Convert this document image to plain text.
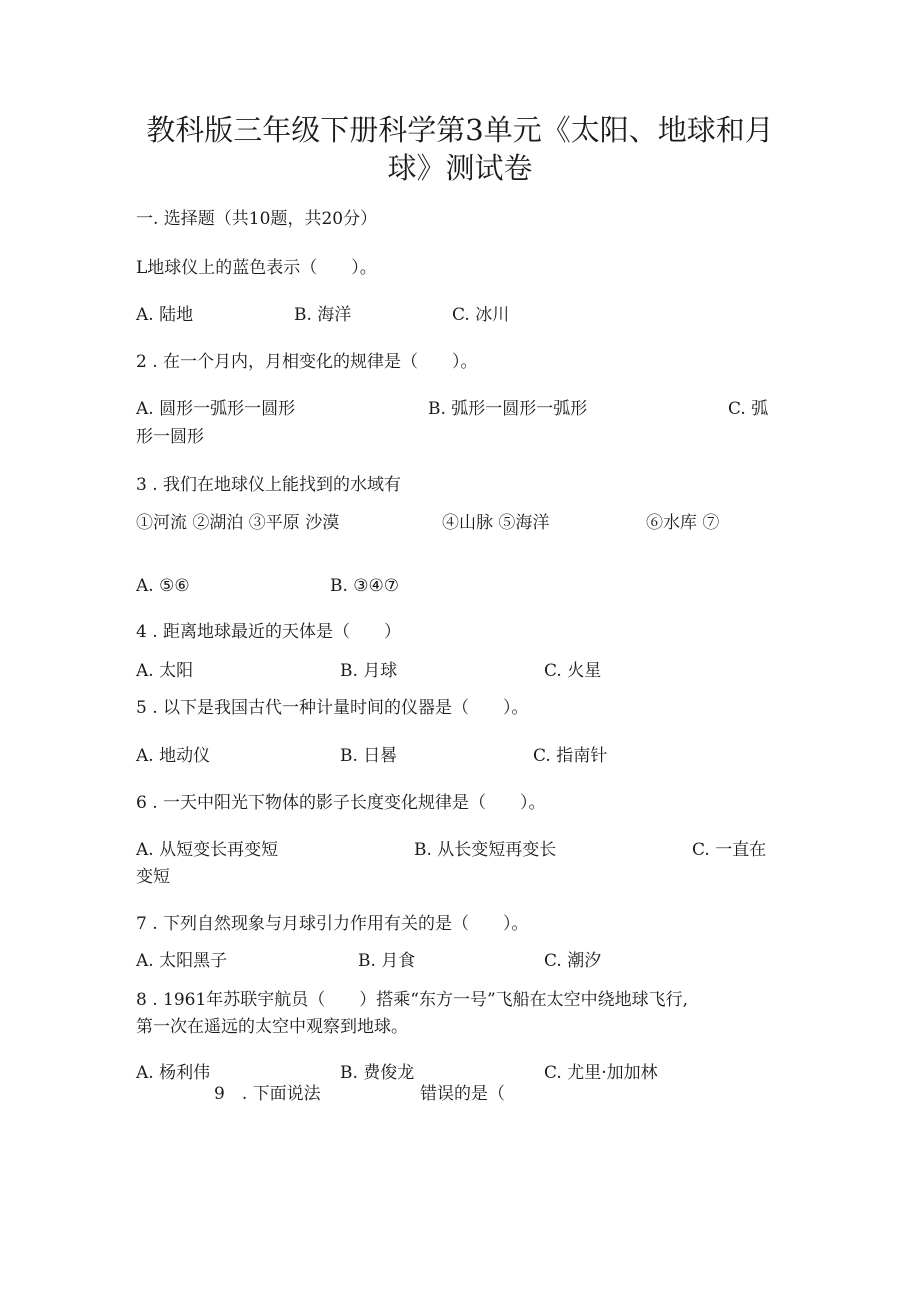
教科版三年级下册科学第3单元《太阳、地球和月
球》测试卷
一. 选择题（共10题，共20分）
L地球仪上的蓝色表示（　　）。
A. 陆地	B. 海洋	C. 冰川
2 . 在一个月内，月相变化的规律是（　　）。
A. 圆形一弧形一圆形	B. 弧形一圆形一弧形	C. 弧
形一圆形
3 . 我们在地球仪上能找到的水域有
①河流 ②湖泊 ③平原 沙漠	④山脉 ⑤海洋	⑥水库 ⑦
A. ⑤⑥	B. ③④⑦
4 . 距离地球最近的天体是（　　）
A. 太阳	B. 月球	C. 火星
5 . 以下是我国古代一种计量时间的仪器是（　　）。
A. 地动仪	B. 日晷	C. 指南针
6 . 一天中阳光下物体的影子长度变化规律是（　　）。
A. 从短变长再变短	B. 从长变短再变长	C. 一直在
变短
7 . 下列自然现象与月球引力作用有关的是（　　）。
A. 太阳黑子	B. 月食	C. 潮汐
8 . 1961年苏联宇航员（　　）搭乘“东方一号”飞船在太空中绕地球飞行,
第一次在遥远的太空中观察到地球。
A. 杨利伟	B. 费俊龙	C. 尤里·加加林
9　. 下面说法	错误的是（
